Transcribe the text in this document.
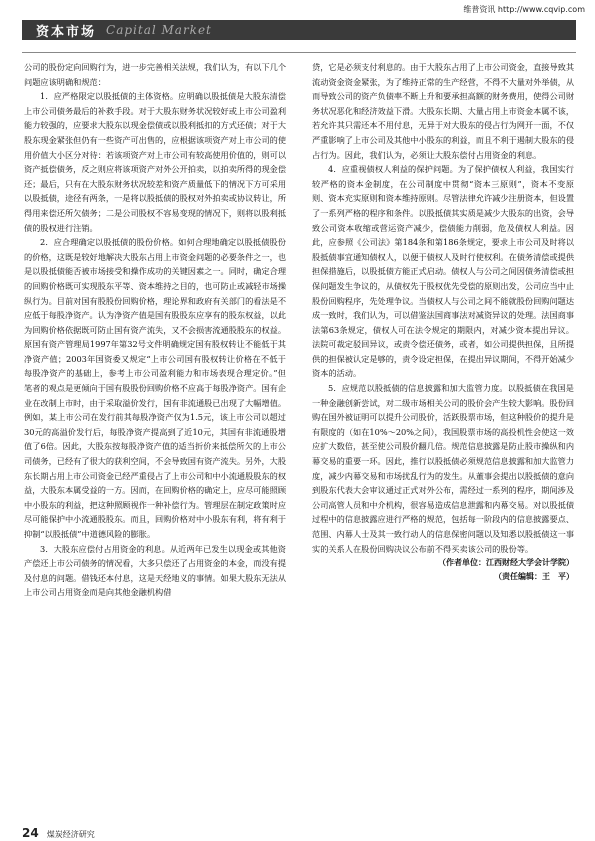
维普资讯 http://www.cqvip.com
资本市场 Capital Market

公司的股份定向回购行为，进一步完善相关法规，我们认为，有以下几个问题应该明确和规范：

1．应严格限定以股抵债的主体资格。应明确以股抵债是大股东清偿上市公司债务最后的补救手段。对于大股东财务状况较好或上市公司盈利能力较强的，应要求大股东以现金偿债或以股利抵扣的方式还债；对于大股东现金紧张但仍有一些资产可出售的，应根据该项资产对上市公司的使用价值大小区分对待：若该项资产对上市公司有较高使用价值的，则可以资产抵偿债务，反之则应将该项资产对外公开拍卖，以拍卖所得的现金偿还；最后，只有在大股东财务状况较差和资产质量低下的情况下方可采用以股抵债，途径有两条，一是将以股抵债的股权对外拍卖或协议转让，所得用来偿还所欠债务；二是公司股权不容易变现的情况下，则将以股利抵债的股权进行注销。

2．应合理确定以股抵债的股份价格。如何合理地确定以股抵债股份的价格，这既是较好地解决大股东占用上市资金问题的必要条件之一，也是以股抵债能否被市场接受和操作成功的关键因素之一。同时，确定合理的回购价格既可实现股东平等、资本维持之目的，也可防止或减轻市场操纵行为。目前对国有股股份回购价格，理论界和政府有关部门的看法是不应低于每股净资产。认为净资产值是国有股股东应享有的股东权益，以此为回购价格依据既可防止国有资产流失，又不会损害流通股股东的权益。原国有资产管理局1997年第32号文件明确规定国有股权转让不能低于其净资产值；2003年国资委又规定“上市公司国有股权转让价格在不低于每股净资产的基础上，参考上市公司盈利能力和市场表现合理定价。”但笔者的观点是更倾向于国有股股份回购价格不应高于每股净资产。国有企业在改制上市时，由于采取溢价发行，国有非流通股已出现了大幅增值。例如，某上市公司在发行前其每股净资产仅为1.5元，该上市公司以超过30元的高溢价发行后，每股净资产提高到了近10元，其国有非流通股增值了6倍。因此，大股东按每股净资产值的适当折价来抵偿所欠的上市公司债务，已经有了很大的获利空间，不会导致国有资产流失。另外，大股东长期占用上市公司资金已经严重侵占了上市公司和中小流通股股东的权益，大股东本属受益的一方。因而，在回购价格的确定上，应尽可能照顾中小股东的利益，把这种照顾视作一种补偿行为。管理层在制定政策时应尽可能保护中小流通股股东。而且，回购价格对中小股东有利，将有利于抑制“以股抵债”中道德风险的膨胀。

3．大股东应偿付占用资金的利息。从近两年已发生以现金或其他资产偿还上市公司债务的情况看，大多只偿还了占用资金的本金，而没有提及付息的问题。借钱还本付息，这是天经地义的事情。如果大股东无法从上市公司占用资金而是向其他金融机构借

贷，它是必须支付利息的。由于大股东占用了上市公司资金，直接导致其流动资金资金紧张，为了维持正常的生产经营，不得不大量对外举债，从而导致公司的资产负债率不断上升和要承担高额的财务费用，使得公司财务状况恶化和经济效益下滑。大股东长期、大量占用上市资金本属不该，若允许其只需还本不用付息，无异于对大股东的侵占行为网开一面，不仅严重影响了上市公司及其他中小股东的利益，而且不利于遏制大股东的侵占行为。因此，我们认为，必须让大股东偿付占用资金的利息。

4．应重视债权人利益的保护问题。为了保护债权人利益，我国实行较严格的资本金制度，在公司制度中贯彻“资本三原则”，资本不变原则、资本充实原则和资本维持原则。尽管法律允许减少注册资本，但设置了一系列严格的程序和条件。以股抵债其实质是减少大股东的出资，会导致公司资本收缩或营运资产减少，偿债能力削弱，危及债权人利益。因此，应参照《公司法》第184条和第186条规定，要求上市公司及时将以股抵债事宜通知债权人，以便于债权人及时行使权利。在债务清偿或提供担保措施后，以股抵债方能正式启动。债权人与公司之间因债务清偿或担保问题发生争议的，从债权先于股权优先受偿的原则出发，公司应当中止股份回购程序，先处理争议。当债权人与公司之间不能就股份回购问题达成一致时，我们认为，可以借鉴法国商事法对减资异议的处理。法国商事法第63条规定，债权人可在法令规定的期限内，对减少资本提出异议。法院可裁定驳回异议，或责令偿还债务，或者，如公司提供担保，且所提供的担保被认定是够的，责令设定担保，在提出异议期间，不得开始减少资本的活动。

5．应规范以股抵债的信息披露和加大监管力度。以股抵债在我国是一种金融创新尝试，对二级市场相关公司的股价会产生较大影响。股份回购在国外被证明可以提升公司股价，活跃股票市场，但这种股价的提升是有限度的（如在10%～20%之间），我国股票市场的高投机性会使这一效应扩大数倍，甚至使公司股价翻几倍。规范信息披露是防止股市操纵和内幕交易的重要一环。因此，推行以股抵债必须规范信息披露和加大监管力度，减少内幕交易和市场扰乱行为的发生。从董事会提出以股抵债的意向到股东代表大会审议通过正式对外公布，需经过一系列的程序，期间涉及公司高管人员和中介机构，很容易造成信息泄露和内幕交易。对以股抵债过程中的信息披露应进行严格的规范，包括每一阶段内的信息披露要点、范围、内幕人士及其一致行动人的信息保密问题以及知悉以股抵债这一事实的关系人在股份回购决议公布前不得买卖该公司的股份等。

（作者单位：江西财经大学会计学院）
（责任编辑：王　平）
24 煤炭经济研究
